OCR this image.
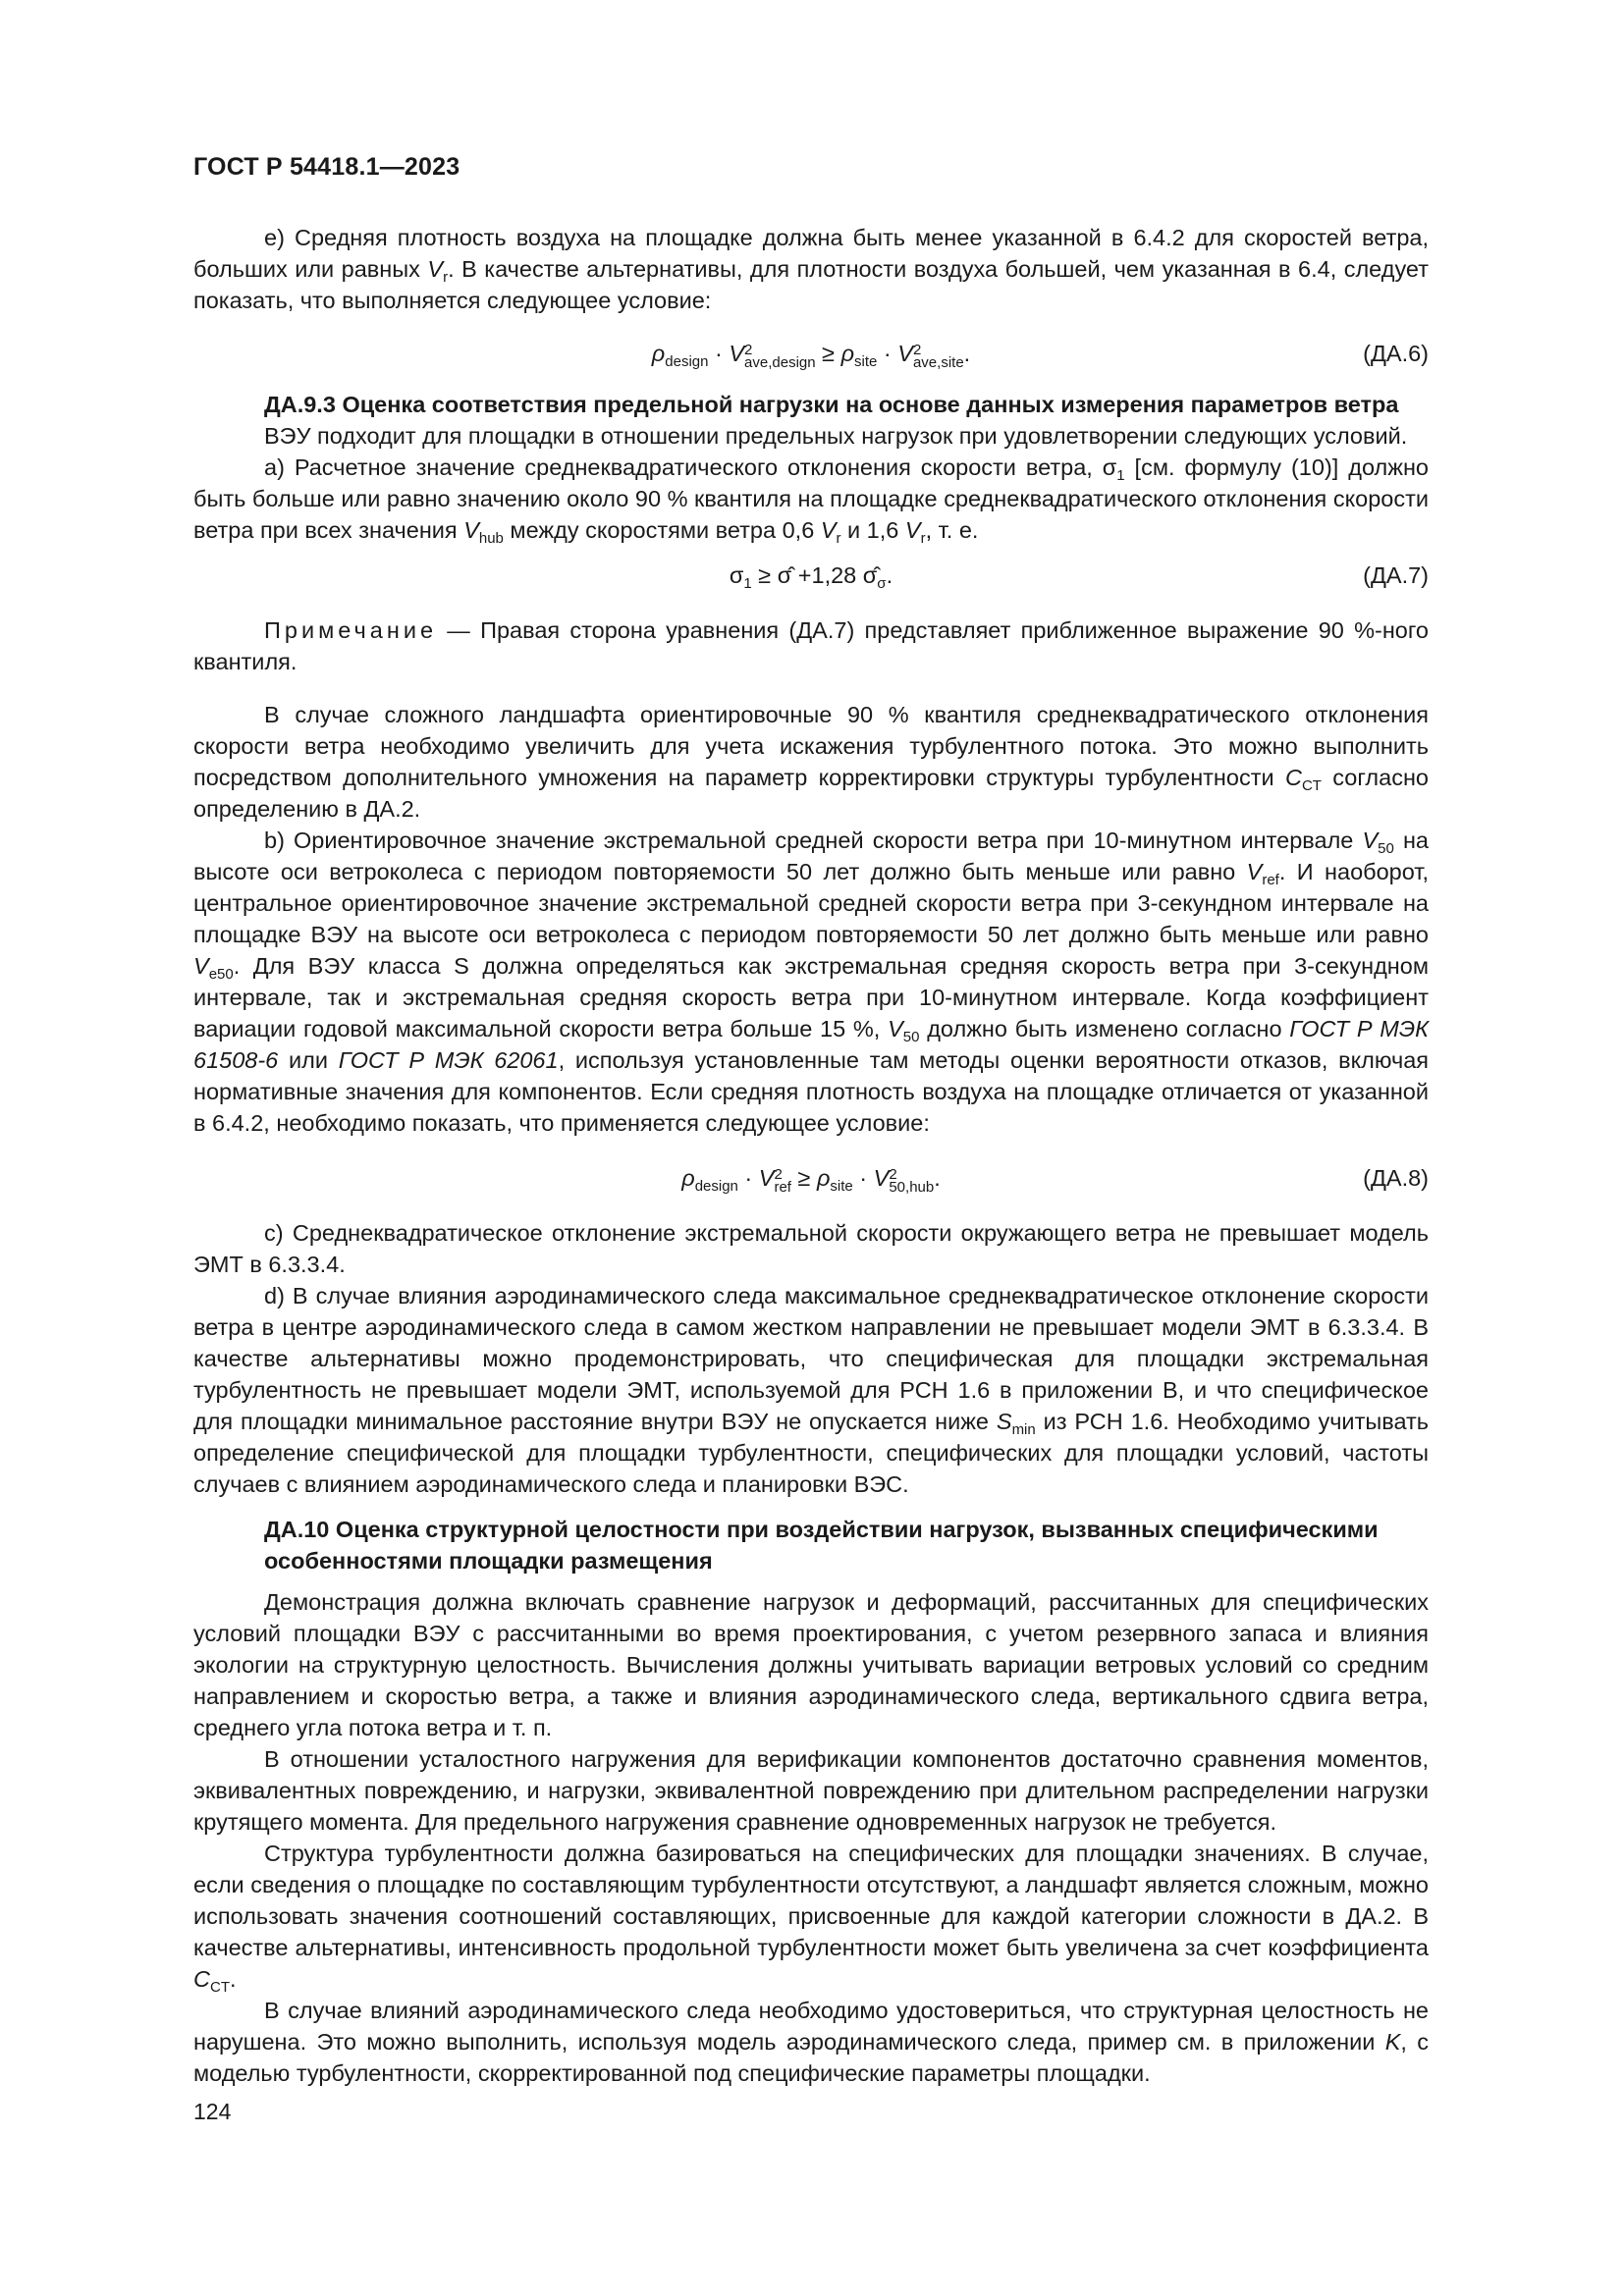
ГОСТ Р 54418.1—2023

е) Средняя плотность воздуха на площадке должна быть менее указанной в 6.4.2 для скоростей ветра, больших или равных $V_r$. В качестве альтернативы, для плотности воздуха большей, чем указанная в 6.4, следует показать, что выполняется следующее условие:

$\rho_{design} \cdot V$ 2
ave,design ≥ $\rho_{site} \cdot V$ 2
ave,site .	(ДА.6)

ДА.9.3 Оценка соответствия предельной нагрузки на основе данных измерения параметров ветра

ВЭУ подходит для площадки в отношении предельных нагрузок при удовлетворении следующих условий.

а) Расчетное значение среднеквадратического отклонения скорости ветра, $\sigma_1$ [см. формулу (10)] должно быть больше или равно значению около 90 % квантиля на площадке среднеквадратического отклонения скорости ветра при всех значения $V_{hub}$ между скоростями ветра 0,6 $V_r$ и 1,6 $V_r$, т. е.

$\sigma_1$ ≥ σ̂ +1,28 $\sigmâ_\sigma$.	(ДА.7)

Примечание — Правая сторона уравнения (ДА.7) представляет приближенное выражение 90 %-ного квантиля.

В случае сложного ландшафта ориентировочные 90 % квантиля среднеквадратического отклонения скорости ветра необходимо увеличить для учета искажения турбулентного потока. Это можно выполнить посредством дополнительного умножения на параметр корректировки структуры турбулентности $C_{CT}$ согласно определению в ДА.2.

b) Ориентировочное значение экстремальной средней скорости ветра при 10-минутном интервале $V_{50}$ на высоте оси ветроколеса с периодом повторяемости 50 лет должно быть меньше или равно $V_{ref}$. И наоборот, центральное ориентировочное значение экстремальной средней скорости ветра при 3-секундном интервале на площадке ВЭУ на высоте оси ветроколеса с периодом повторяемости 50 лет должно быть меньше или равно $V_{e50}$. Для ВЭУ класса S должна определяться как экстремальная средняя скорость ветра при 3-секундном интервале, так и экстремальная средняя скорость ветра при 10-минутном интервале. Когда коэффициент вариации годовой максимальной скорости ветра больше 15 %, $V_{50}$ должно быть изменено согласно ГОСТ Р МЭК 61508-6 или ГОСТ Р МЭК 62061, используя установленные там методы оценки вероятности отказов, включая нормативные значения для компонентов. Если средняя плотность воздуха на площадке отличается от указанной в 6.4.2, необходимо показать, что применяется следующее условие:

$\rho_{design} \cdot V$ 2
ref ≥ $\rho_{site} \cdot V$ 2
50,hub .	(ДА.8)

c) Среднеквадратическое отклонение экстремальной скорости окружающего ветра не превышает модель ЭМТ в 6.3.3.4.

d) В случае влияния аэродинамического следа максимальное среднеквадратическое отклонение скорости ветра в центре аэродинамического следа в самом жестком направлении не превышает модели ЭМТ в 6.3.3.4. В качестве альтернативы можно продемонстрировать, что специфическая для площадки экстремальная турбулентность не превышает модели ЭМТ, используемой для РСН 1.6 в приложении B, и что специфическое для площадки минимальное расстояние внутри ВЭУ не опускается ниже $S_{min}$ из РСН 1.6. Необходимо учитывать определение специфической для площадки турбулентности, специфических для площадки условий, частоты случаев с влиянием аэродинамического следа и планировки ВЭС.

ДА.10 Оценка структурной целостности при воздействии нагрузок, вызванных специфическими особенностями площадки размещения

Демонстрация должна включать сравнение нагрузок и деформаций, рассчитанных для специфических условий площадки ВЭУ с рассчитанными во время проектирования, с учетом резервного запаса и влияния экологии на структурную целостность. Вычисления должны учитывать вариации ветровых условий со средним направлением и скоростью ветра, а также и влияния аэродинамического следа, вертикального сдвига ветра, среднего угла потока ветра и т. п.

В отношении усталостного нагружения для верификации компонентов достаточно сравнения моментов, эквивалентных повреждению, и нагрузки, эквивалентной повреждению при длительном распределении нагрузки крутящего момента. Для предельного нагружения сравнение одновременных нагрузок не требуется.

Структура турбулентности должна базироваться на специфических для площадки значениях. В случае, если сведения о площадке по составляющим турбулентности отсутствуют, а ландшафт является сложным, можно использовать значения соотношений составляющих, присвоенные для каждой категории сложности в ДА.2. В качестве альтернативы, интенсивность продольной турбулентности может быть увеличена за счет коэффициента $C_{CT}$.

В случае влияний аэродинамического следа необходимо удостовериться, что структурная целостность не нарушена. Это можно выполнить, используя модель аэродинамического следа, пример см. в приложении K, с моделью турбулентности, скорректированной под специфические параметры площадки.

124
